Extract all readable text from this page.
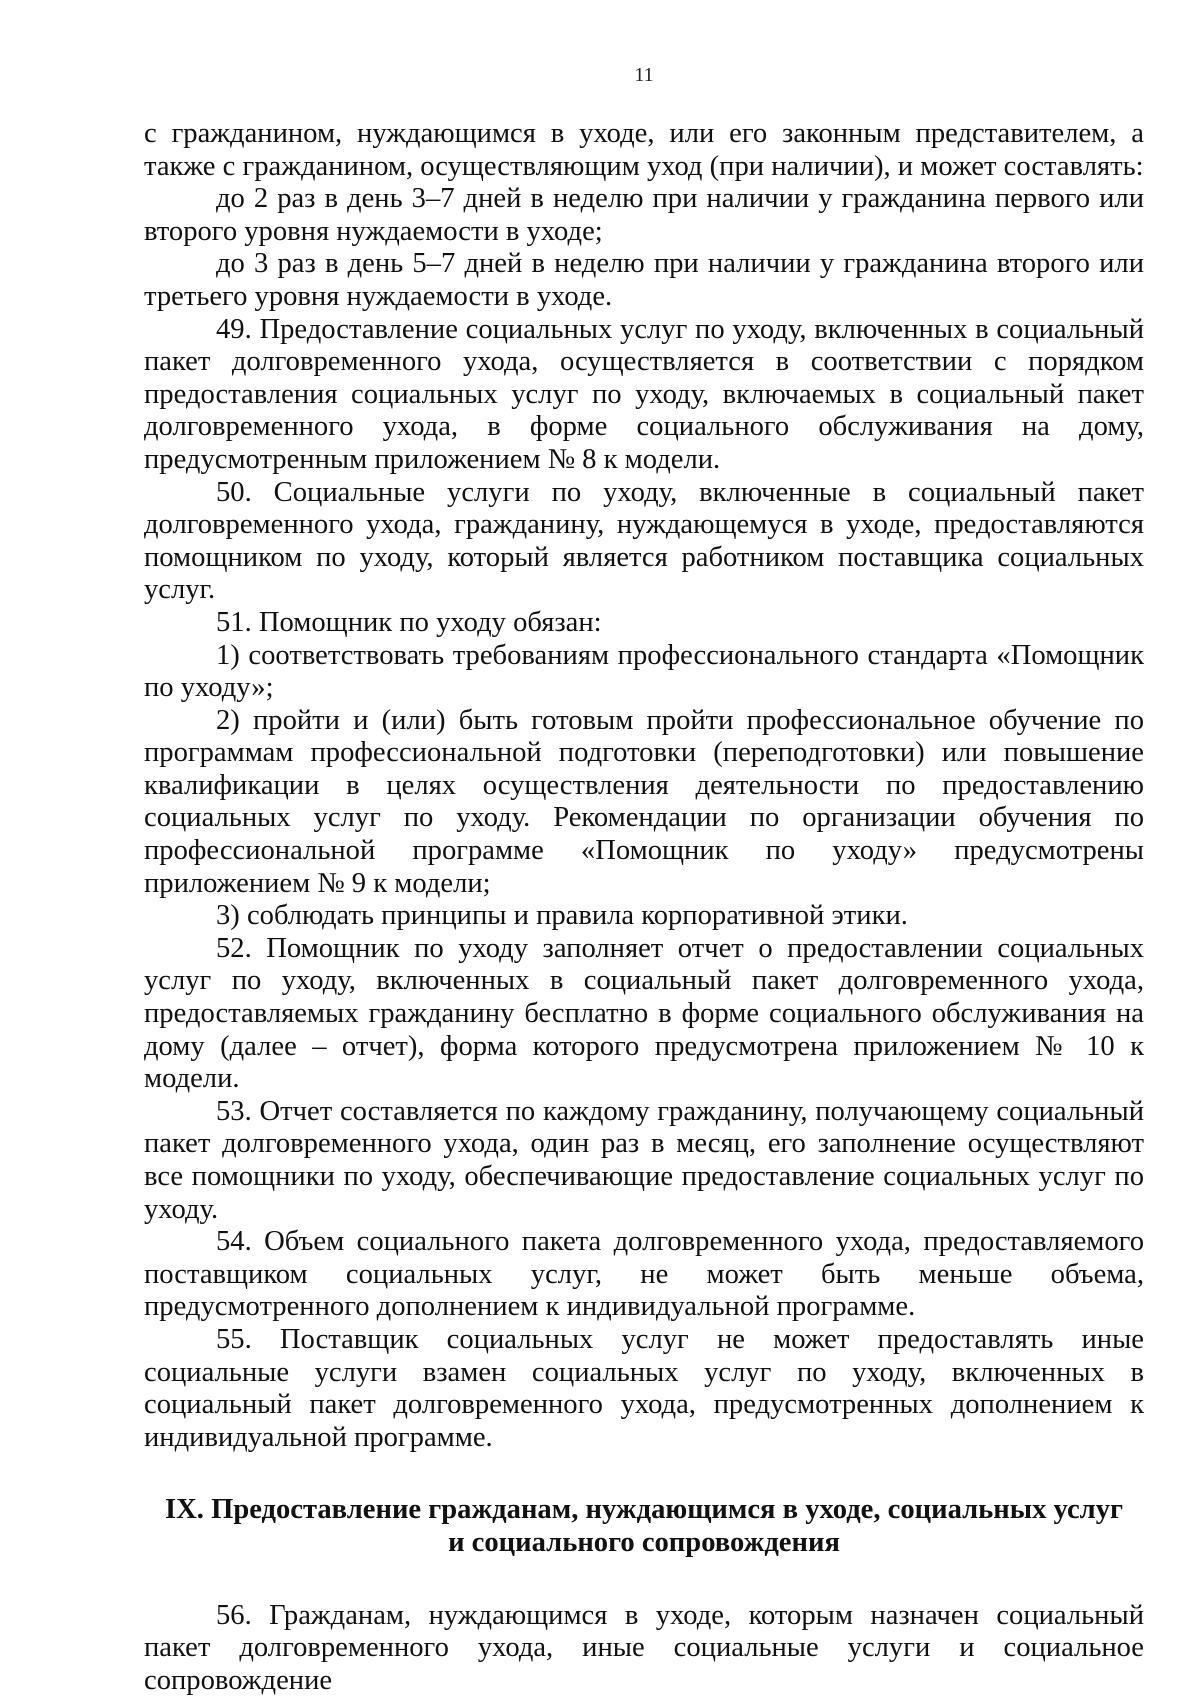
11

с гражданином, нуждающимся в уходе, или его законным представителем, а также с гражданином, осуществляющим уход (при наличии), и может составлять:

до 2 раз в день 3–7 дней в неделю при наличии у гражданина первого или второго уровня нуждаемости в уходе;

до 3 раз в день 5–7 дней в неделю при наличии у гражданина второго или третьего уровня нуждаемости в уходе.

49. Предоставление социальных услуг по уходу, включенных в социальный пакет долговременного ухода, осуществляется в соответствии с порядком предоставления социальных услуг по уходу, включаемых в социальный пакет долговременного ухода, в форме социального обслуживания на дому, предусмотренным приложением № 8 к модели.

50. Социальные услуги по уходу, включенные в социальный пакет долговременного ухода, гражданину, нуждающемуся в уходе, предоставляются помощником по уходу, который является работником поставщика социальных услуг.

51. Помощник по уходу обязан:

1) соответствовать требованиям профессионального стандарта «Помощник по уходу»;

2) пройти и (или) быть готовым пройти профессиональное обучение по программам профессиональной подготовки (переподготовки) или повышение квалификации в целях осуществления деятельности по предоставлению социальных услуг по уходу. Рекомендации по организации обучения по профессиональной программе «Помощник по уходу» предусмотрены приложением № 9 к модели;

3) соблюдать принципы и правила корпоративной этики.

52. Помощник по уходу заполняет отчет о предоставлении социальных услуг по уходу, включенных в социальный пакет долговременного ухода, предоставляемых гражданину бесплатно в форме социального обслуживания на дому (далее – отчет), форма которого предусмотрена приложением № 10 к модели.

53. Отчет составляется по каждому гражданину, получающему социальный пакет долговременного ухода, один раз в месяц, его заполнение осуществляют все помощники по уходу, обеспечивающие предоставление социальных услуг по уходу.

54. Объем социального пакета долговременного ухода, предоставляемого поставщиком социальных услуг, не может быть меньше объема, предусмотренного дополнением к индивидуальной программе.

55. Поставщик социальных услуг не может предоставлять иные социальные услуги взамен социальных услуг по уходу, включенных в социальный пакет долговременного ухода, предусмотренных дополнением к индивидуальной программе.

IX. Предоставление гражданам, нуждающимся в уходе, социальных услуг
и социального сопровождения

56. Гражданам, нуждающимся в уходе, которым назначен социальный пакет долговременного ухода, иные социальные услуги и социальное сопровождение
